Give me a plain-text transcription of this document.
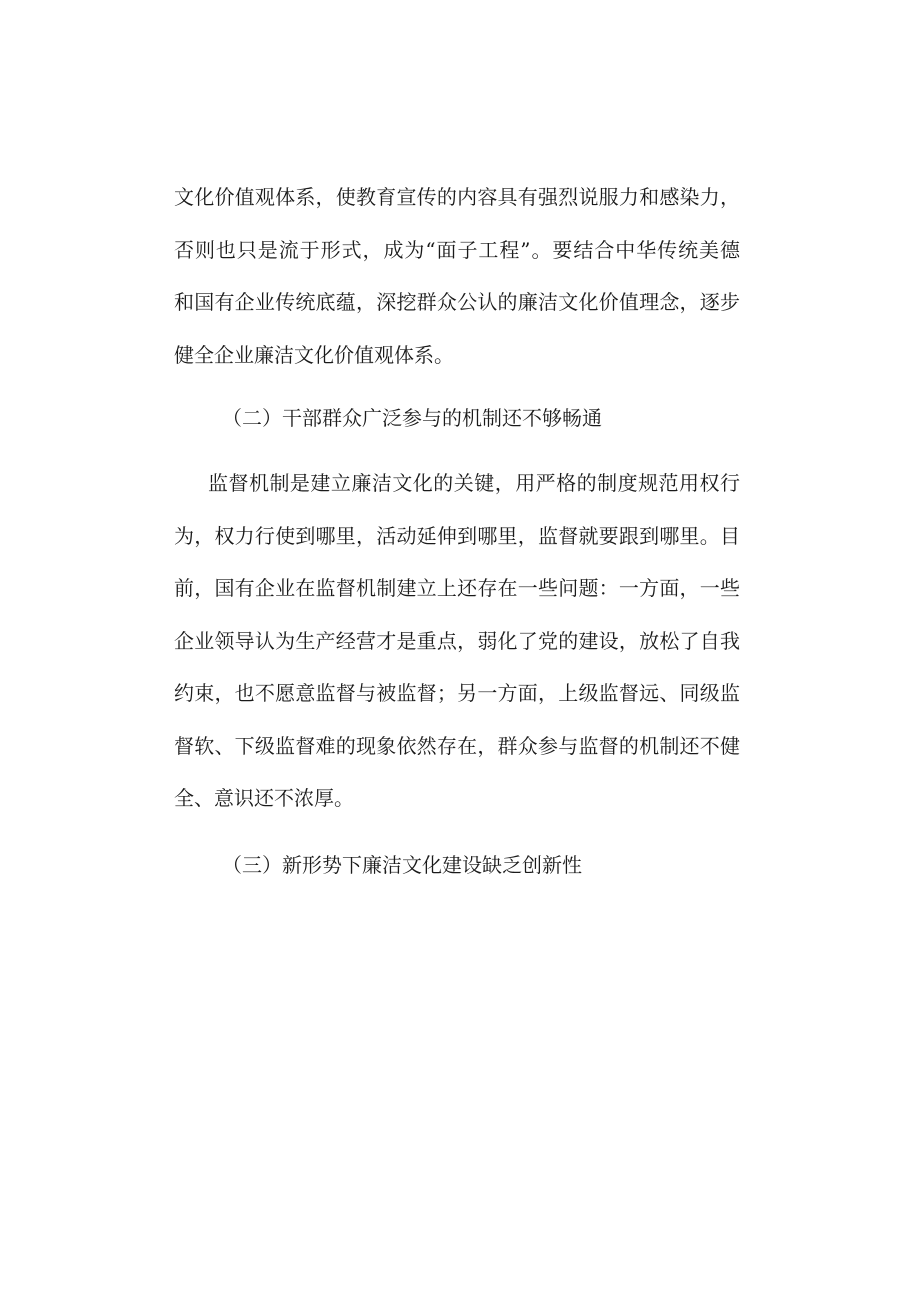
文化价值观体系，使教育宣传的内容具有强烈说服力和感染力，
否则也只是流于形式，成为“面子工程”。要结合中华传统美德
和国有企业传统底蕴，深挖群众公认的廉洁文化价值理念，逐步
健全企业廉洁文化价值观体系。

（二）干部群众广泛参与的机制还不够畅通

监督机制是建立廉洁文化的关键，用严格的制度规范用权行
为，权力行使到哪里，活动延伸到哪里，监督就要跟到哪里。目
前，国有企业在监督机制建立上还存在一些问题：一方面，一些
企业领导认为生产经营才是重点，弱化了党的建设，放松了自我
约束，也不愿意监督与被监督；另一方面，上级监督远、同级监
督软、下级监督难的现象依然存在，群众参与监督的机制还不健
全、意识还不浓厚。

（三）新形势下廉洁文化建设缺乏创新性
